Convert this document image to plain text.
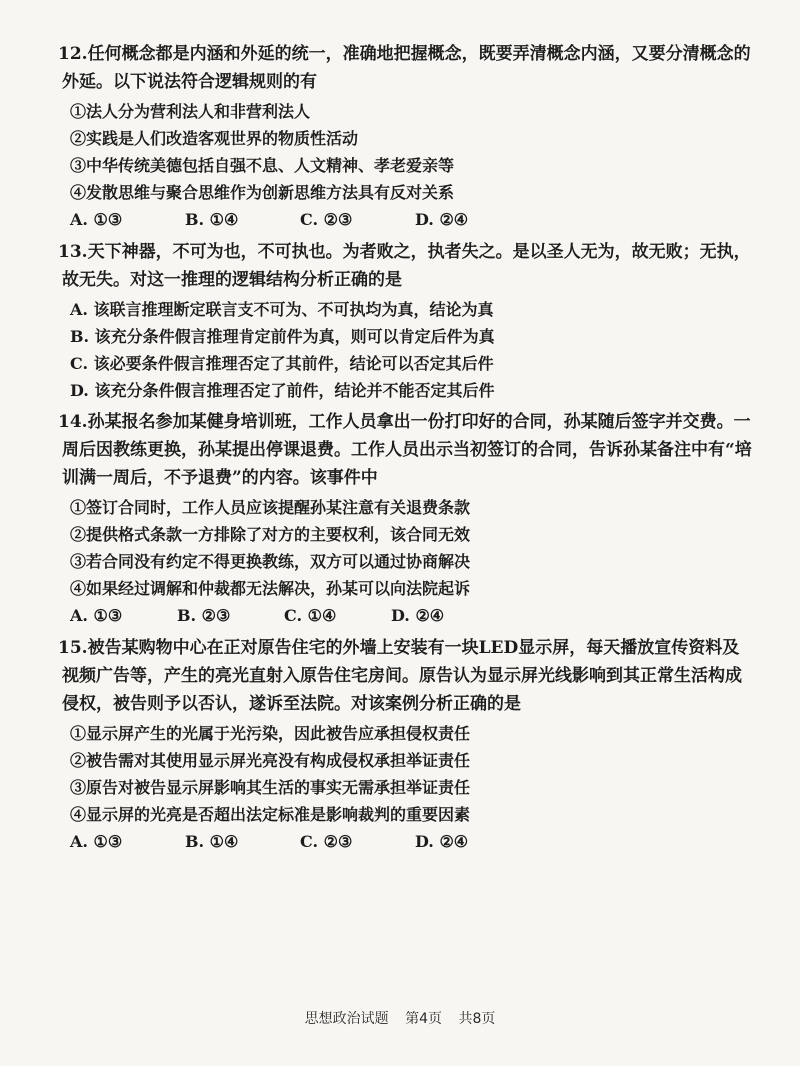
12.任何概念都是内涵和外延的统一，准确地把握概念，既要弄清概念内涵，又要分清概念的外延。以下说法符合逻辑规则的有

①法人分为营利法人和非营利法人
②实践是人们改造客观世界的物质性活动
③中华传统美德包括自强不息、人文精神、孝老爱亲等
④发散思维与聚合思维作为创新思维方法具有反对关系
A. ①③	B. ①④	C. ②③	D. ②④

13.天下神器，不可为也，不可执也。为者败之，执者失之。是以圣人无为，故无败；无执，故无失。对这一推理的逻辑结构分析正确的是

A. 该联言推理断定联言支不可为、不可执均为真，结论为真
B. 该充分条件假言推理肯定前件为真，则可以肯定后件为真
C. 该必要条件假言推理否定了其前件，结论可以否定其后件
D. 该充分条件假言推理否定了前件，结论并不能否定其后件

14.孙某报名参加某健身培训班，工作人员拿出一份打印好的合同，孙某随后签字并交费。一周后因教练更换，孙某提出停课退费。工作人员出示当初签订的合同，告诉孙某备注中有“培训满一周后，不予退费”的内容。该事件中

①签订合同时，工作人员应该提醒孙某注意有关退费条款
②提供格式条款一方排除了对方的主要权利，该合同无效
③若合同没有约定不得更换教练，双方可以通过协商解决
④如果经过调解和仲裁都无法解决，孙某可以向法院起诉
A. ①③	B. ②③	C. ①④	D. ②④

15.被告某购物中心在正对原告住宅的外墙上安装有一块LED显示屏，每天播放宣传资料及视频广告等，产生的亮光直射入原告住宅房间。原告认为显示屏光线影响到其正常生活构成侵权，被告则予以否认，遂诉至法院。对该案例分析正确的是

①显示屏产生的光属于光污染，因此被告应承担侵权责任
②被告需对其使用显示屏光亮没有构成侵权承担举证责任
③原告对被告显示屏影响其生活的事实无需承担举证责任
④显示屏的光亮是否超出法定标准是影响裁判的重要因素
A. ①③	B. ①④	C. ②③	D. ②④
思想政治试题 第4页 共8页
